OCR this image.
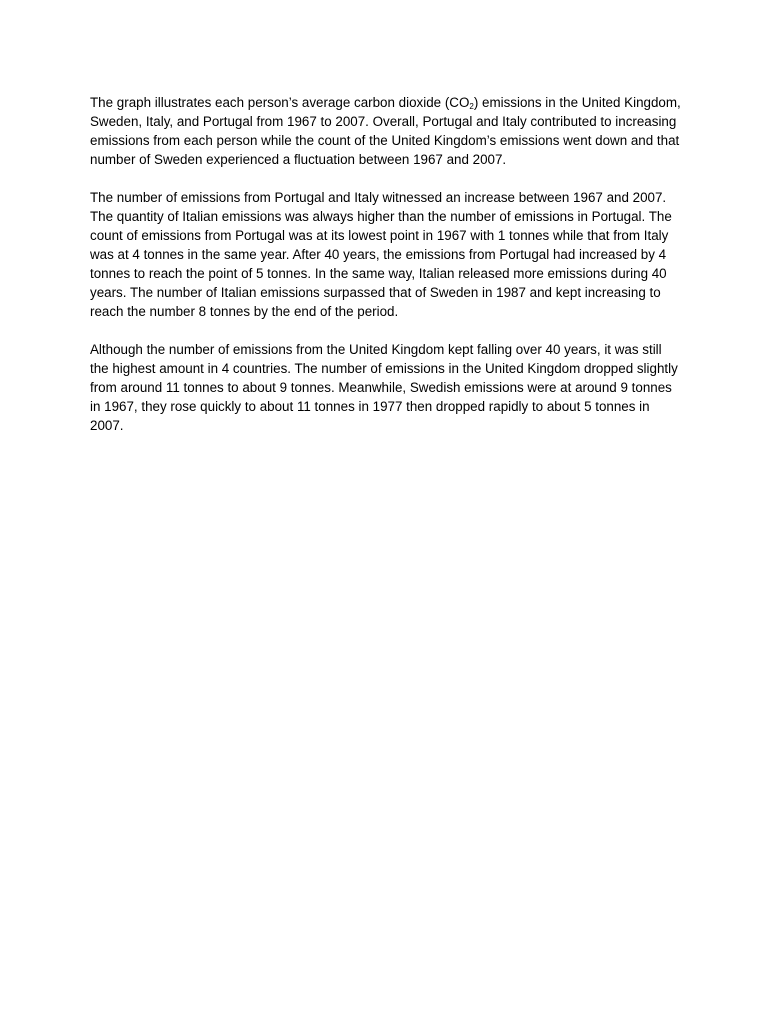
The graph illustrates each person’s average carbon dioxide $(CO_2)$ emissions in the United Kingdom, Sweden, Italy, and Portugal from 1967 to 2007. Overall, Portugal and Italy contributed to increasing emissions from each person while the count of the United Kingdom’s emissions went down and that number of Sweden experienced a fluctuation between 1967 and 2007.

The number of emissions from Portugal and Italy witnessed an increase between 1967 and 2007. The quantity of Italian emissions was always higher than the number of emissions in Portugal. The count of emissions from Portugal was at its lowest point in 1967 with 1 tonnes while that from Italy was at 4 tonnes in the same year. After 40 years, the emissions from Portugal had increased by 4 tonnes to reach the point of 5 tonnes. In the same way, Italian released more emissions during 40 years. The number of Italian emissions surpassed that of Sweden in 1987 and kept increasing to reach the number 8 tonnes by the end of the period.

Although the number of emissions from the United Kingdom kept falling over 40 years, it was still the highest amount in 4 countries. The number of emissions in the United Kingdom dropped slightly from around 11 tonnes to about 9 tonnes. Meanwhile, Swedish emissions were at around 9 tonnes in 1967, they rose quickly to about 11 tonnes in 1977 then dropped rapidly to about 5 tonnes in 2007.
